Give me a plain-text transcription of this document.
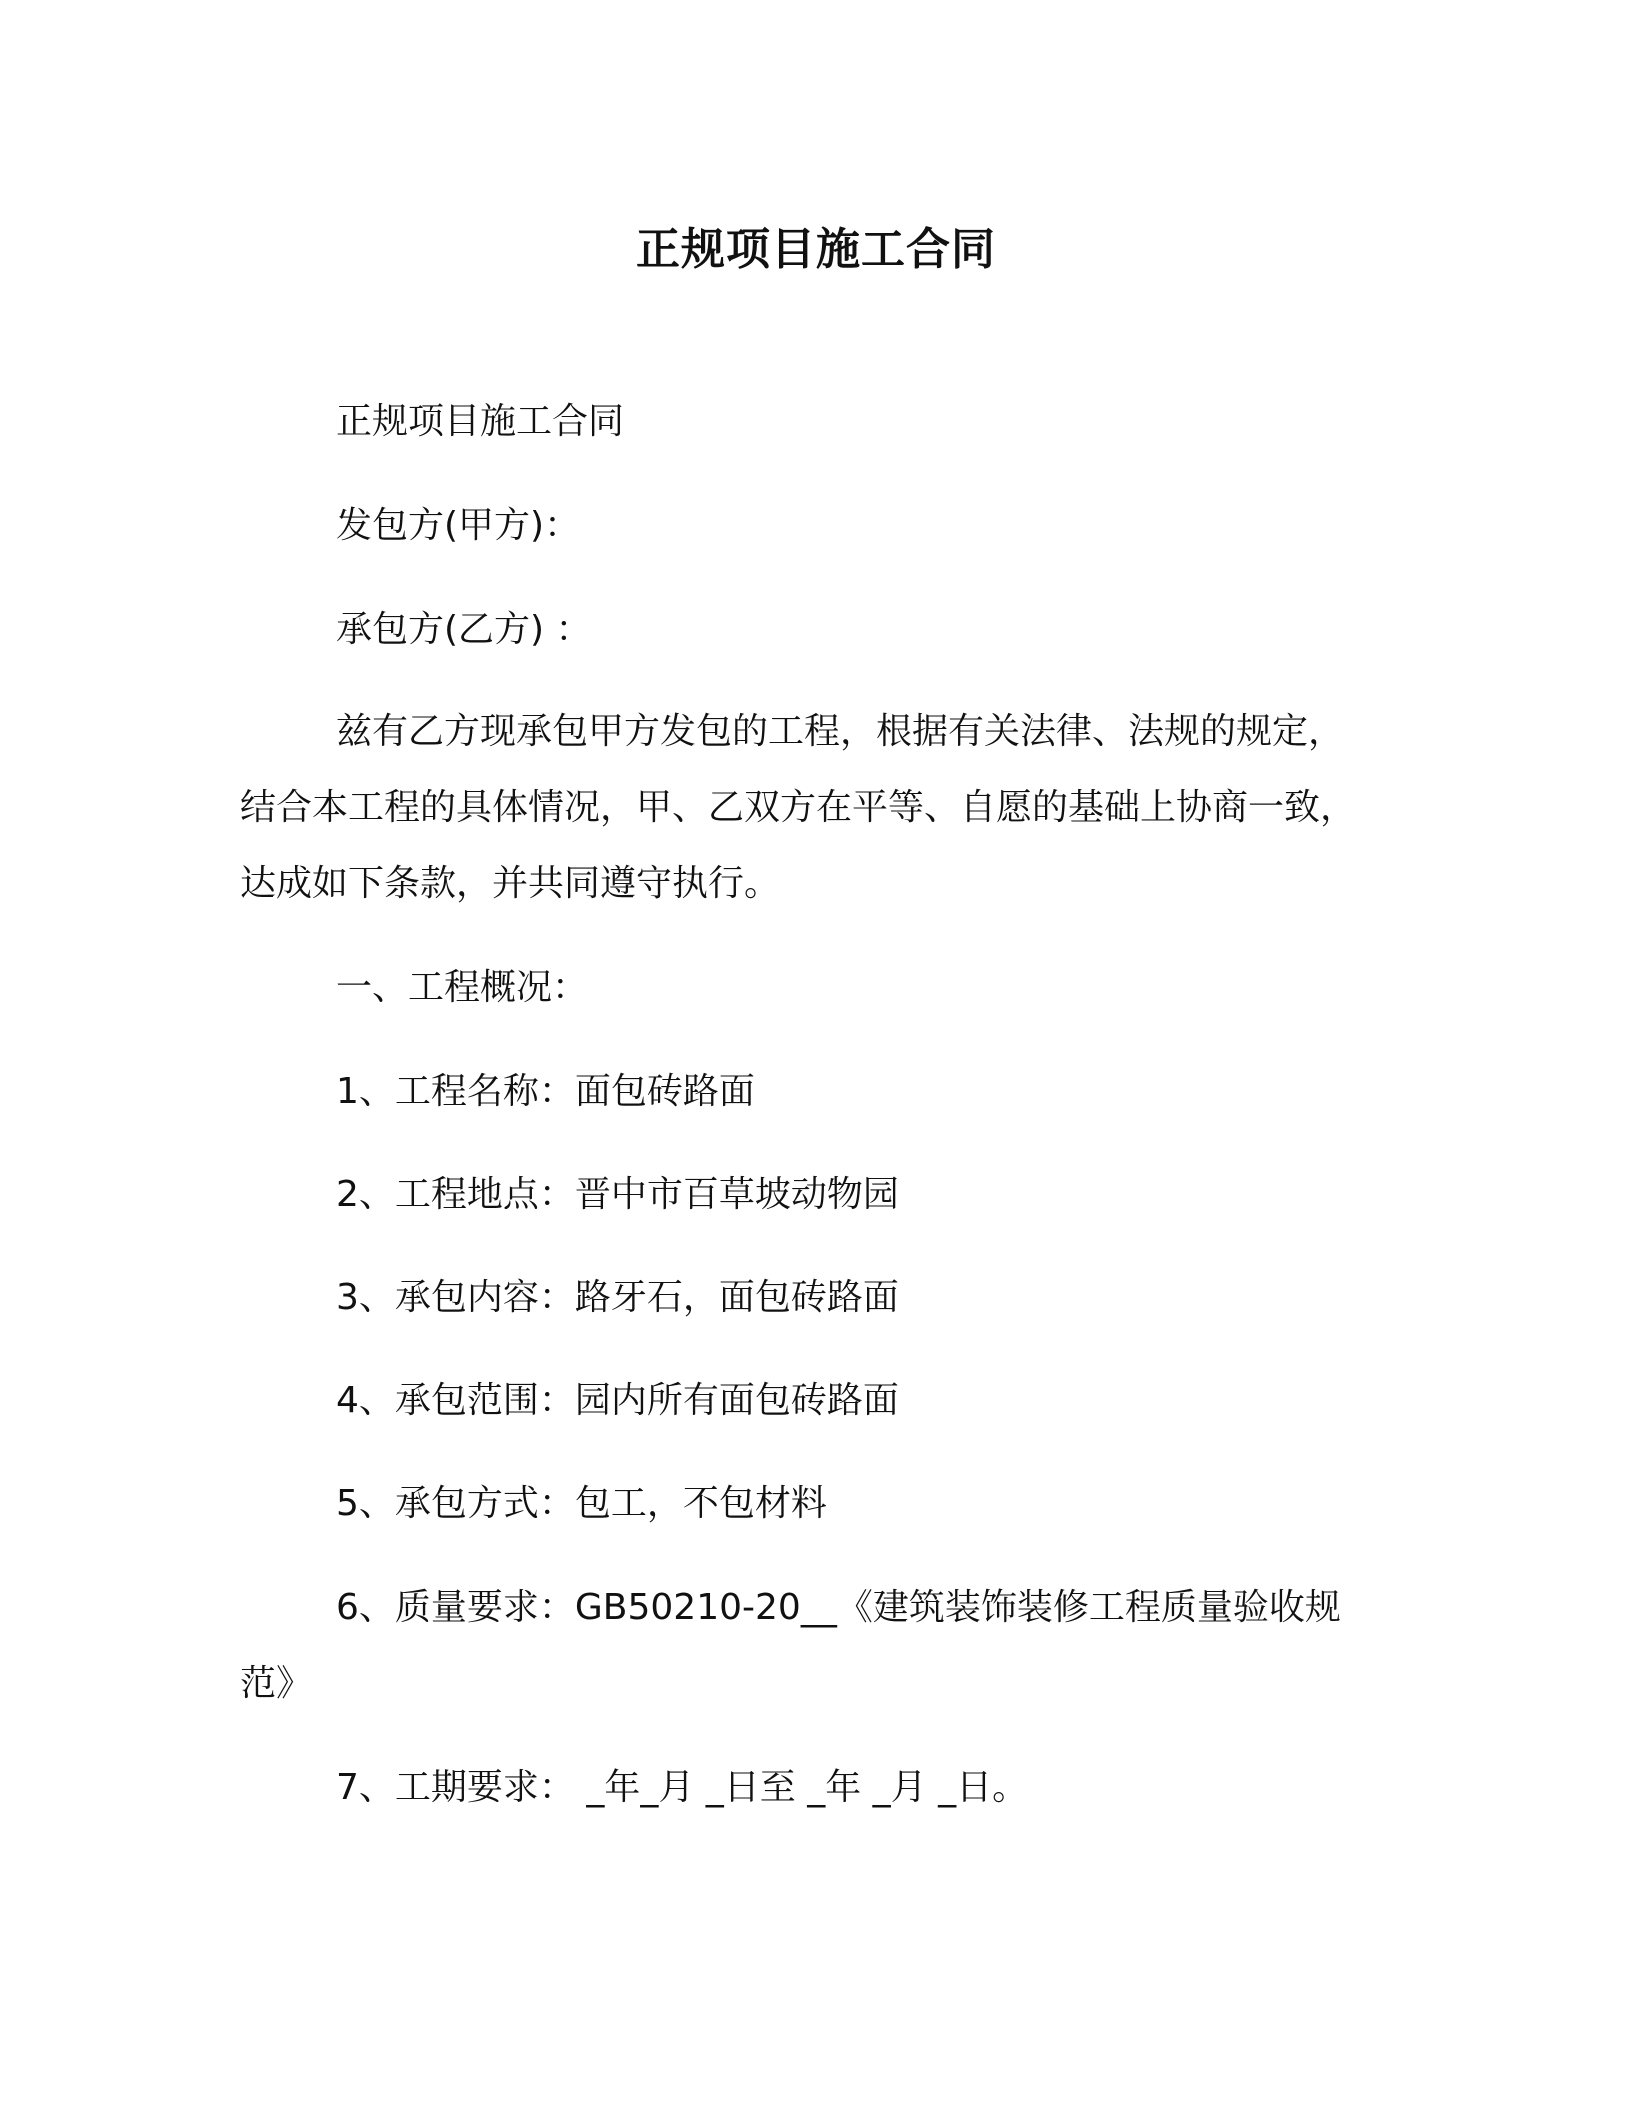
正规项目施工合同

正规项目施工合同

发包方(甲方)：

承包方(乙方) ：

兹有乙方现承包甲方发包的工程，根据有关法律、法规的规定，
结合本工程的具体情况，甲、乙双方在平等、自愿的基础上协商一致，
达成如下条款，并共同遵守执行。

一、工程概况：

1、工程名称：面包砖路面

2、工程地点：晋中市百草坡动物园

3、承包内容：路牙石，面包砖路面

4、承包范围：园内所有面包砖路面

5、承包方式：包工，不包材料

6、质量要求：GB50210-20__《建筑装饰装修工程质量验收规
范》

7、工期要求： _年_月 _日至 _年 _月 _日。
